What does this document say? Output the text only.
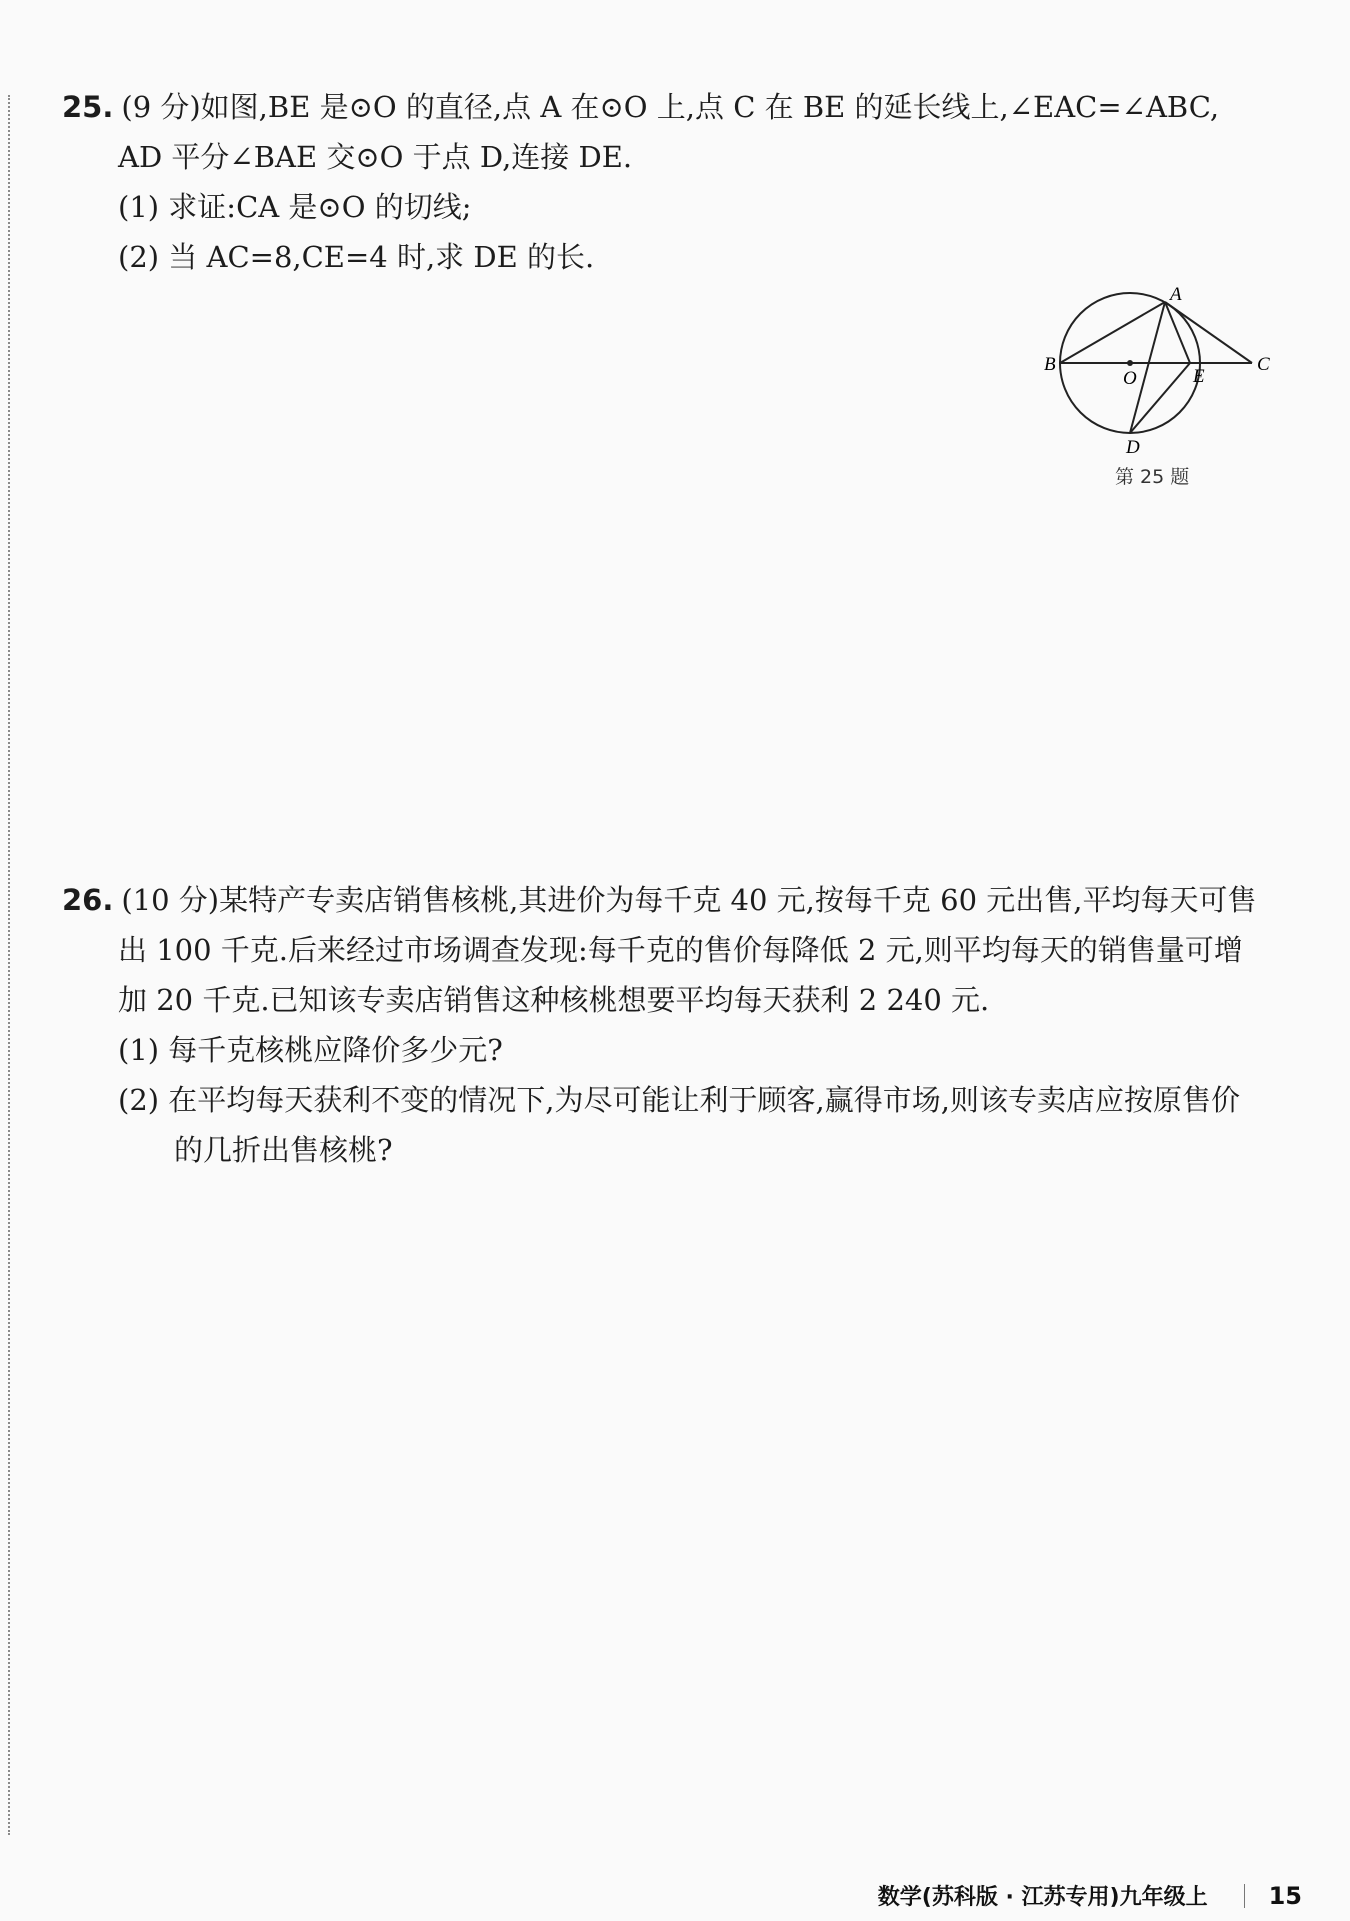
25. (9 分)如图,BE 是⊙O 的直径,点 A 在⊙O 上,点 C 在 BE 的延长线上,∠EAC=∠ABC,
AD 平分∠BAE 交⊙O 于点 D,连接 DE.
(1) 求证:CA 是⊙O 的切线;
(2) 当 AC=8,CE=4 时,求 DE 的长.
A
B	C
D
E
O
第 25 题
26. (10 分)某特产专卖店销售核桃,其进价为每千克 40 元,按每千克 60 元出售,平均每天可售
出 100 千克.后来经过市场调查发现:每千克的售价每降低 2 元,则平均每天的销售量可增
加 20 千克.已知该专卖店销售这种核桃想要平均每天获利 2 240 元.
(1) 每千克核桃应降价多少元?
(2) 在平均每天获利不变的情况下,为尽可能让利于顾客,赢得市场,则该专卖店应按原售价
的几折出售核桃?
数学(苏科版 · 江苏专用)九年级上	15
